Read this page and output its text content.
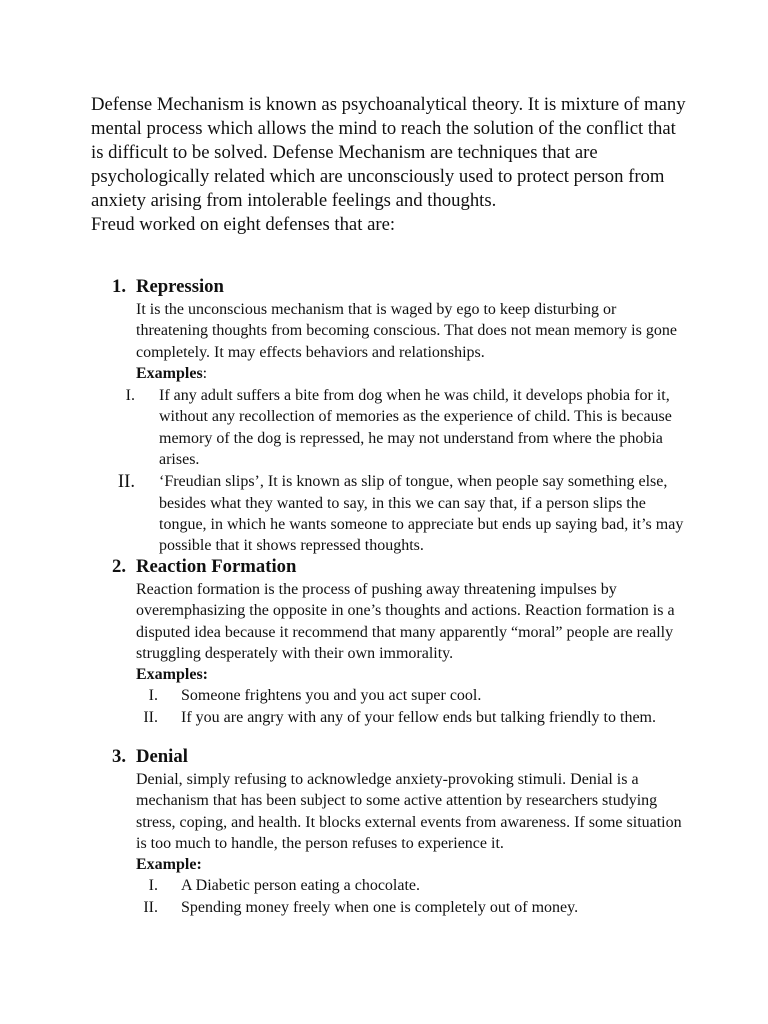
Defense Mechanism is known as psychoanalytical theory. It is mixture of many mental process which allows the mind to reach the solution of the conflict that is difficult to be solved. Defense Mechanism are techniques that are psychologically related which are unconsciously used to protect person from anxiety arising from intolerable feelings and thoughts.

Freud worked on eight defenses that are:

1. Repression

It is the unconscious mechanism that is waged by ego to keep disturbing or threatening thoughts from becoming conscious. That does not mean memory is gone completely. It may effects behaviors and relationships.

Examples:

I. If any adult suffers a bite from dog when he was child, it develops phobia for it, without any recollection of memories as the experience of child. This is because memory of the dog is repressed, he may not understand from where the phobia arises.
II. ‘Freudian slips’, It is known as slip of tongue, when people say something else, besides what they wanted to say, in this we can say that, if a person slips the tongue, in which he wants someone to appreciate but ends up saying bad, it’s may possible that it shows repressed thoughts.
2. Reaction Formation

Reaction formation is the process of pushing away threatening impulses by overemphasizing the opposite in one’s thoughts and actions. Reaction formation is a disputed idea because it recommend that many apparently “moral” people are really struggling desperately with their own immorality.

Examples:

I. Someone frightens you and you act super cool.
II. If you are angry with any of your fellow ends but talking friendly to them.
3. Denial

Denial, simply refusing to acknowledge anxiety-provoking stimuli. Denial is a mechanism that has been subject to some active attention by researchers studying stress, coping, and health. It blocks external events from awareness. If some situation is too much to handle, the person refuses to experience it.

Example:

I. A Diabetic person eating a chocolate.
II. Spending money freely when one is completely out of money.
